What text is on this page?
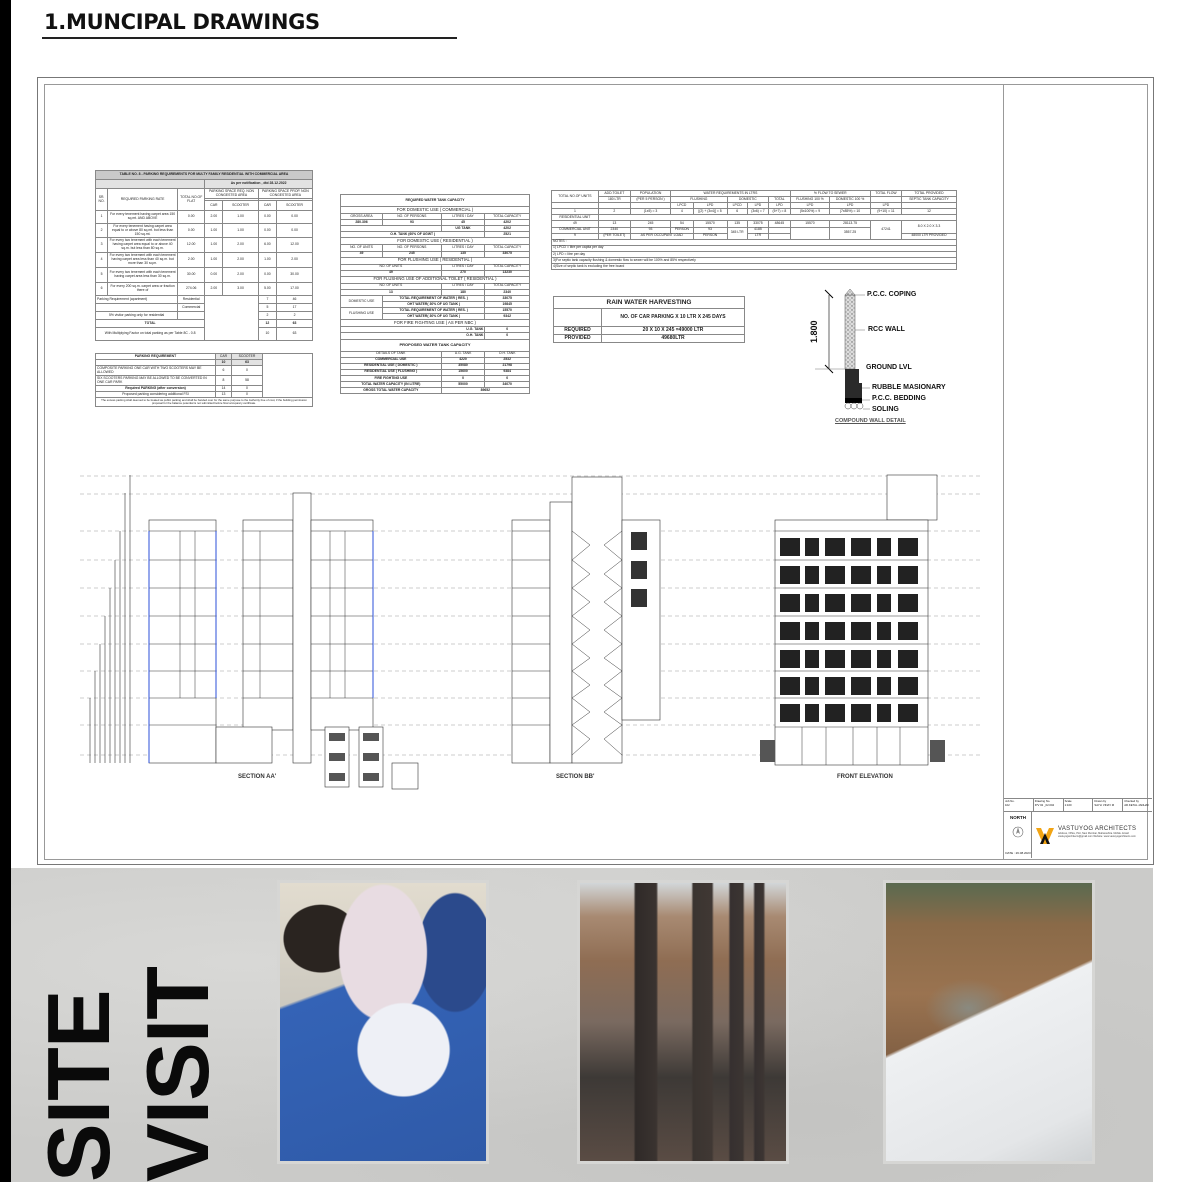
1.MUNCIPAL DRAWINGS
TABLE NO. 8 - PARKING REQUIREMENTS FOR MULTY FAMILY RESIDENTIAL WITH COMMERCIAL AREA						
			As per notification , dtd 28.12.2022			
SR. NO.	REQUIRED PARKING RATE	TOTAL NO.OF FLAT	PARKING SPACE REQ. NON CONGESTED AREA		PARKING SPACE PROP. NON CONGESTED AREA	

			CAR	SCOOTER	CAR	SCOOTER
1	For every tenement having carpet area 150 sq.mt. AND ABOVE	0.00	2.00	1.00	0.00	0.00
2	For every tenement having carpet area equal to or above 80 sq.mt. but less than 150 sq.mt.	0.00	1.00	1.00	0.00	0.00
3	For every two tenement with each tenement having carpet area equal to or above 40 sq.m. but less than 80 sq.m.	12.00	1.00	2.00	6.00	12.00
4	For every two tenement with each tenement having carpet area less than 40 sq.m. but more than 30 sq.m.	2.00	1.00	2.00	1.00	2.00
5	For every two tenement with each tenement having carpet area less than 30 sq.m.	30.00	0.00	2.00	0.00	30.00
6	For every 200 sq.m. carpet area or fraction there of	274.06	2.00	3.00	5.00	17.00
Parking Requirement (apartment)		Residential			7	46
		Commercial			5	17
5% visitor parking only for residential					2	2
TOTAL					12	63
With Multiplying Factor on total parking as per Table 8C - 0.8					10	63
PARKING REQUIREMENT	CAR	SCOOTER	
	10	63	
COMPOSITE PARKING ONE CAR WITH TWO SCOOTERS MAY BE ALLOWED	6	0	
SIX SCOOTERS PARKING MAY BE ALLOWED TO BE CONVERTED IN ONE CAR PARK	8	58	
Required PARKING (after conversion)	14	0	
Proposed parking considering additional FSI	13	0	
The excess parking shall deemed to be treated as public parking and shall be handed over for the same purpose to the Authority free of cost, if the building permission proposal for the balance potential is not submitted before final occupancy certificate.			
REQUIRED WATER TANK CAPACITY			
FOR DOMESTIC USE ( COMMERCIAL )			
GROSS AREA	NO. OF PERSONS	LITRES / DAY	TOTAL CAPACITY
280.306	93	45	4202
		UG TANK	4202
O.H. TANK (60% OF UGWT )			2521
FOR DOMESTIC USE ( RESIDENTIAL )			
NO. OF UNITS	NO. OF PERSONS	LITRES / DAY	TOTAL CAPACITY
49	245	135	33075
FOR FLUSHING USE ( RESIDENTIAL )			
NO. OF UNITS		LITRES / DAY	TOTAL CAPACITY
49		270	13230
FOR FLUSHING USE OF ADDITIONAL TOILET ( RESIDENTIAL )			
NO. OF UNITS		LITRES / DAY	TOTAL CAPACITY
13		180	2340
DOMESTIC USE	TOTAL REQUIREMENT OF WATER ( RES. )		33075
	OHT WATER( 30% OF UG TANK )		19845
FLUSHING USE	TOTAL REQUIREMENT OF WATER ( RES. )		15570
	OHT WATER( 30% OF UG TANK )		9342
FOR FIRE FIGHTING USE ( AS PER NBC )			
U.G. TANK			0
O.H. TANK			0
PROPOSED WATER TANK CAPACITY			
DETAILS OF TANK		U.G. TANK	O.H. TANK
COMMERCIAL USE		4220	2532
RESIDENTIAL USE ( DOMESTIC )		35080	21798
RESIDENTIAL USE ( FLUSHING )		15600	9384
FIRE FIGHTING USE		0	0
TOTAL WATER CAPACITY (IN LITRE)		55000	34070
GROSS TOTAL WATER CAPACITY		89652	
TOTAL NO.OF UNITS	ADD.TOILET	POPULATION	WATER REQUIREMENTS IN LTRS					% FLOW TO SEWER		TOTAL FLOW	TOTAL PROVIDED
	180 LTR	(PER 5 PERSON )	FLUSHING		DOMESTIC		TOTAL	FLUSHING 100 %	DOMESTIC 100 %		SEPTIC TANK CAPACITY
			LPCD	LPD	LPCD	LPD	LPD	LPD	LPD	LPD	
1	2	(1x5) = 3	4	[(2) + (3x4)] = 5	6	(3x6) = 7	(5+7) = 8	(5x100%) = 9	(7x85%) = 10	(9+10) = 11	12
RESIDENTIAL UNIT											
49	13	245	54	15570	135	33075	48645	15570	28113.75	47241	8.0 X 2.0 X 3.3
COMMERCIAL UNIT	2340	93	PERSON	93	345 LTR	4185			3557.25		
9	(PER TOILET)	AS PER OCCUPANT LOAD		PERSON		LTR					48000 LTR PROVIDED
NOTES :											
1) LPCD = litre per capita per day											
2) LPD = litre per day											
3)For septic tank capacity flushing & domestic flow to sewer will be 100% and 85% respectively											
4)Size of septic tank is excluding the free board											
RAIN WATER HARVESTING	
	NO. OF CAR PARKING X 10 LTR X 245 DAYS
REQUIRED	20 X 10 X 245 =49000 LTR
PROVIDED	49680LTR	1.800
P.C.C. COPING
RCC WALL
GROUND LVL
RUBBLE MASIONARY
P.C.C. BEDDING
SOLING
COMPOUND WALL DETAIL
SECTION AA'	SECTION BB'	FRONT ELEVATION
Job No.
102
Drawing No.
P/V 02 _02.004
Scale
1:100
Drawn by
SAYLI VINAY M
Checked by
AR.KETAL JADHAV
NORTH
DATE : 26.08.2023
VASTUYOG ARCHITECTS
Address, Office, Plot, Navi Mumbai, Maharashtra. Mobile. Email: vastuyogarchitects@gmail.com Website: www.vastuyogarchitects.com
SITE VISIT
